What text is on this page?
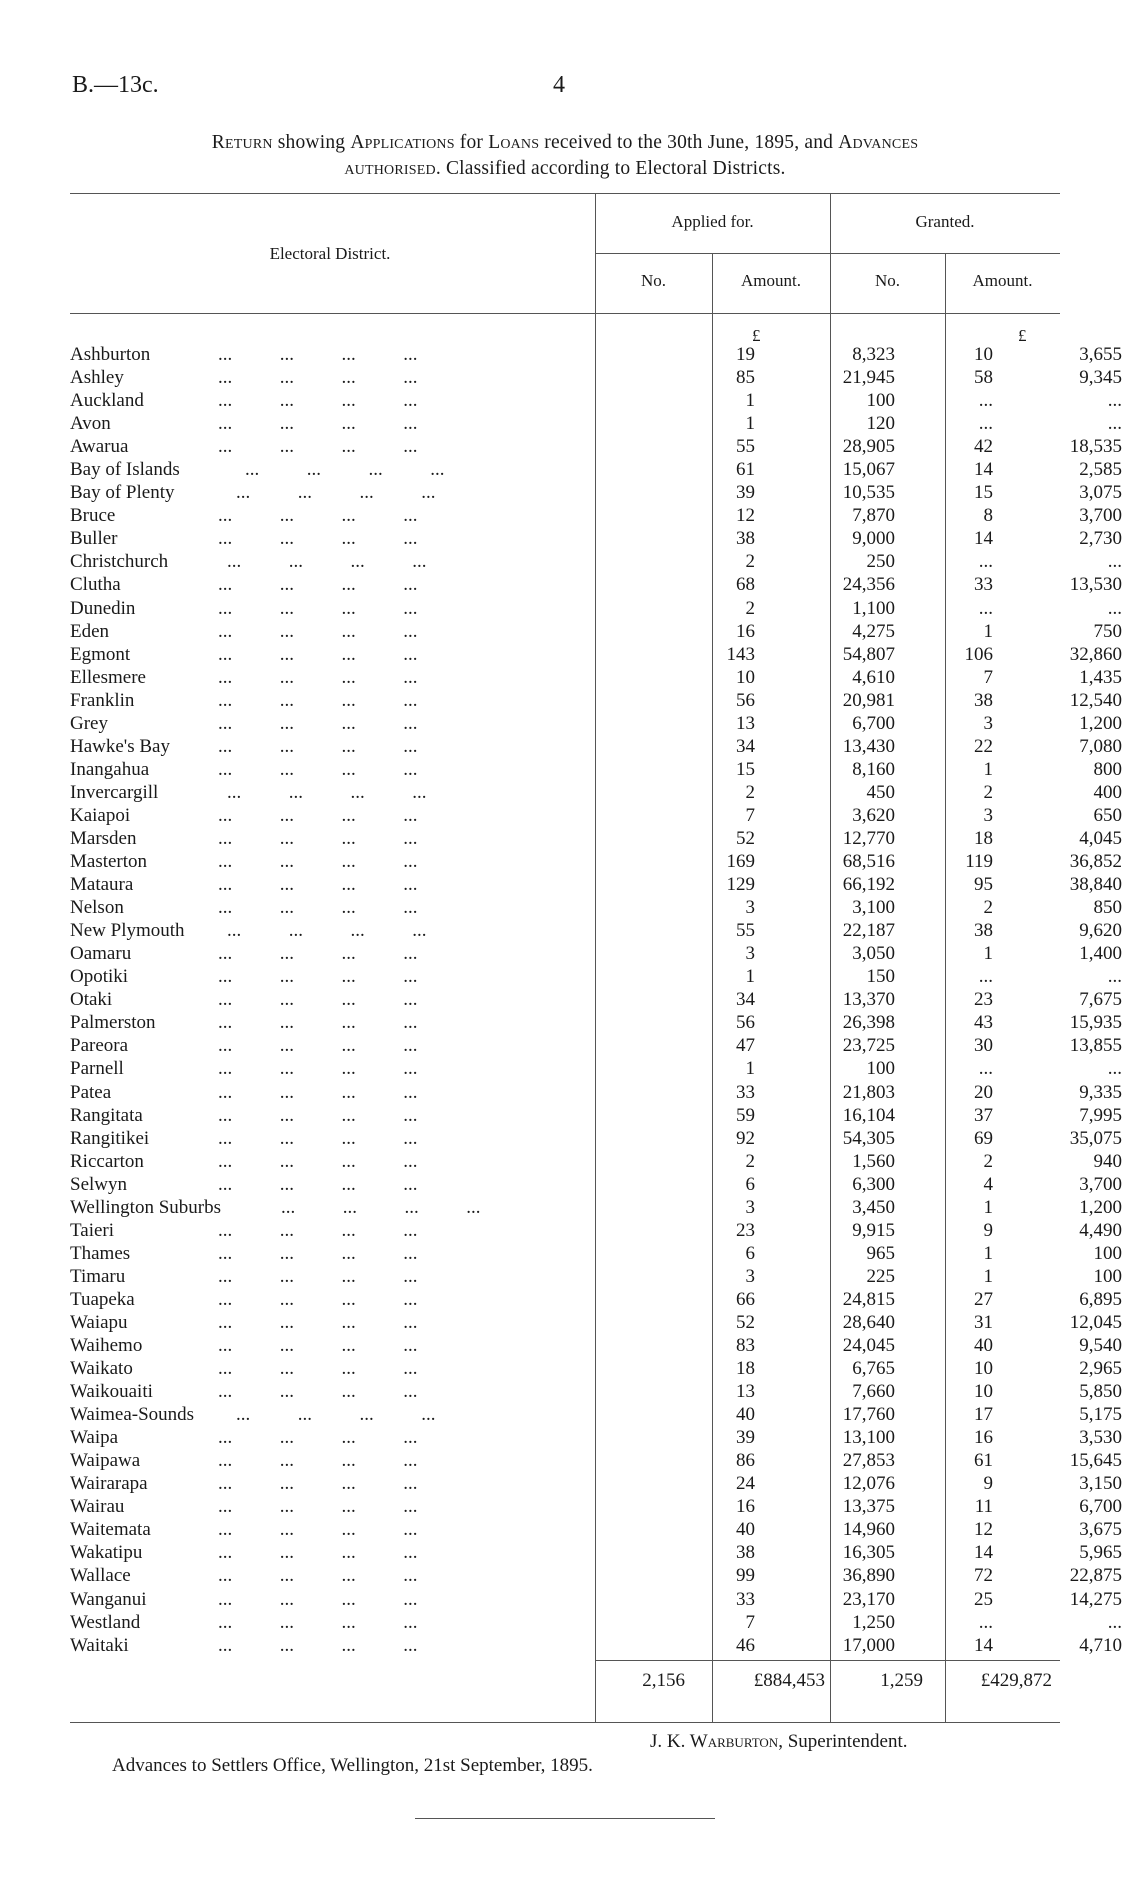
B.—13c.	4
Return showing Applications for Loans received to the 30th June, 1895, and Advances
authorised. Classified according to Electoral Districts.
Electoral District.
Applied for.	Granted.
No.	Amount.	No.	Amount.
£	£
Ashburton	19	8,323	10	3,655
...          ...          ...          ...
Ashley	85	21,945	58	9,345
...          ...          ...          ...
Auckland	1	100	...	...
...          ...          ...          ...
Avon	1	120	...	...
...          ...          ...          ...
Awarua	55	28,905	42	18,535
...          ...          ...          ...
Bay of Islands	61	15,067	14	2,585
...          ...          ...          ...
Bay of Plenty	39	10,535	15	3,075
...          ...          ...          ...
Bruce	12	7,870	8	3,700
...          ...          ...          ...
Buller	38	9,000	14	2,730
...          ...          ...          ...
Christchurch	2	250	...	...
...          ...          ...          ...
Clutha	68	24,356	33	13,530
...          ...          ...          ...
Dunedin	2	1,100	...	...
...          ...          ...          ...
Eden	16	4,275	1	750
...          ...          ...          ...
Egmont	143	54,807	106	32,860
...          ...          ...          ...
Ellesmere	10	4,610	7	1,435
...          ...          ...          ...
Franklin	56	20,981	38	12,540
...          ...          ...          ...
Grey	13	6,700	3	1,200
...          ...          ...          ...
Hawke's Bay	34	13,430	22	7,080
...          ...          ...          ...
Inangahua	15	8,160	1	800
...          ...          ...          ...
Invercargill	2	450	2	400
...          ...          ...          ...
Kaiapoi	7	3,620	3	650
...          ...          ...          ...
Marsden	52	12,770	18	4,045
...          ...          ...          ...
Masterton	169	68,516	119	36,852
...          ...          ...          ...
Mataura	129	66,192	95	38,840
...          ...          ...          ...
Nelson	3	3,100	2	850
...          ...          ...          ...
New Plymouth	55	22,187	38	9,620
...          ...          ...          ...
Oamaru	3	3,050	1	1,400
...          ...          ...          ...
Opotiki	1	150	...	...
...          ...          ...          ...
Otaki	34	13,370	23	7,675
...          ...          ...          ...
Palmerston	56	26,398	43	15,935
...          ...          ...          ...
Pareora	47	23,725	30	13,855
...          ...          ...          ...
Parnell	1	100	...	...
...          ...          ...          ...
Patea	33	21,803	20	9,335
...          ...          ...          ...
Rangitata	59	16,104	37	7,995
...          ...          ...          ...
Rangitikei	92	54,305	69	35,075
...          ...          ...          ...
Riccarton	2	1,560	2	940
...          ...          ...          ...
Selwyn	6	6,300	4	3,700
...          ...          ...          ...
Wellington Suburbs	3	3,450	1	1,200
...          ...          ...          ...
Taieri	23	9,915	9	4,490
...          ...          ...          ...
Thames	6	965	1	100
...          ...          ...          ...
Timaru	3	225	1	100
...          ...          ...          ...
Tuapeka	66	24,815	27	6,895
...          ...          ...          ...
Waiapu	52	28,640	31	12,045
...          ...          ...          ...
Waihemo	83	24,045	40	9,540
...          ...          ...          ...
Waikato	18	6,765	10	2,965
...          ...          ...          ...
Waikouaiti	13	7,660	10	5,850
...          ...          ...          ...
Waimea-Sounds	40	17,760	17	5,175
...          ...          ...          ...
Waipa	39	13,100	16	3,530
...          ...          ...          ...
Waipawa	86	27,853	61	15,645
...          ...          ...          ...
Wairarapa	24	12,076	9	3,150
...          ...          ...          ...
Wairau	16	13,375	11	6,700
...          ...          ...          ...
Waitemata	40	14,960	12	3,675
...          ...          ...          ...
Wakatipu	38	16,305	14	5,965
...          ...          ...          ...
Wallace	99	36,890	72	22,875
...          ...          ...          ...
Wanganui	33	23,170	25	14,275
...          ...          ...          ...
Westland	7	1,250	...	...
...          ...          ...          ...
Waitaki	46	17,000	14	4,710
...          ...          ...          ...
2,156	£884,453	1,259	£429,872
J. K. Warburton, Superintendent.
Advances to Settlers Office, Wellington, 21st September, 1895.
